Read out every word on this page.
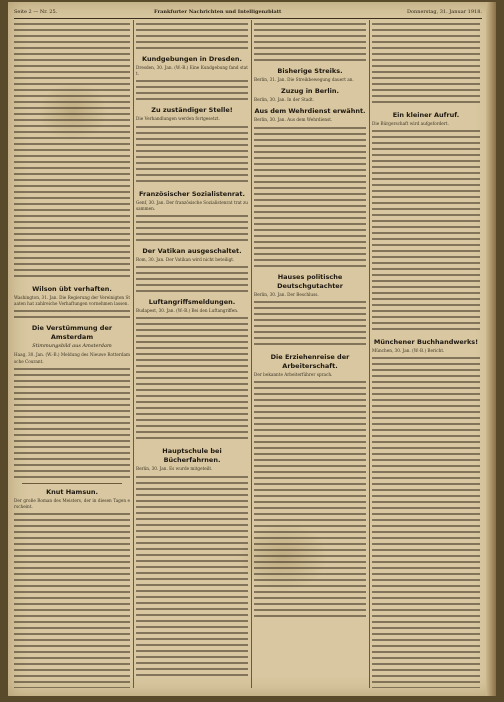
Seite 2 — Nr. 25.	Frankfurter Nachrichten und Intelligenzblatt	Donnerstag, 31. Januar 1918.
Wilson übt verhaften.
Washington, 31. Jan. Die Regierung der Vereinigten Staaten hat zahlreiche Verhaftungen vornehmen lassen.
Die Verstümmung der Amsterdam
Stimmungsbild aus Amsterdam
Haag, 30. Jan. (W.-B.) Meldung des Nieuwe Rotterdamsche Courant.
Knut Hamsun.
Der große Roman des Meisters, der in diesen Tagen erscheint.
Kundgebungen in Dresden.
Dresden, 30. Jan. (W.-B.) Eine Kundgebung fand statt.
Zu zuständiger Stelle!
Die Verhandlungen werden fortgesetzt.
Französischer Sozialistenrat.
Genf, 30. Jan. Der französische Sozialistenrat trat zusammen.
Der Vatikan ausgeschaltet.
Rom, 30. Jan. Der Vatikan wird nicht beteiligt.
Luftangriffsmeldungen.
Budapest, 30. Jan. (W.-B.) Bei den Luftangriffen.
Hauptschule bei Bücherfahrnen.
Berlin, 30. Jan. Es wurde mitgeteilt.
Bisherige Streiks.
Berlin, 31. Jan. Die Streikbewegung dauert an.
Zuzug in Berlin.
Berlin, 30. Jan. In der Stadt.
Aus dem Wehrdienst erwähnt.
Berlin, 30. Jan. Aus dem Wehrdienst.
Hauses politische Deutschgutachter
Berlin, 30. Jan. Der Beschluss.
Die Erziehenreise der Arbeiterschaft.
Der bekannte Arbeiterführer sprach.
Ein kleiner Aufruf.
Die Bürgerschaft wird aufgefordert.
Münchener Buchhandwerks!
München, 30. Jan. (W.-B.) Bericht.
